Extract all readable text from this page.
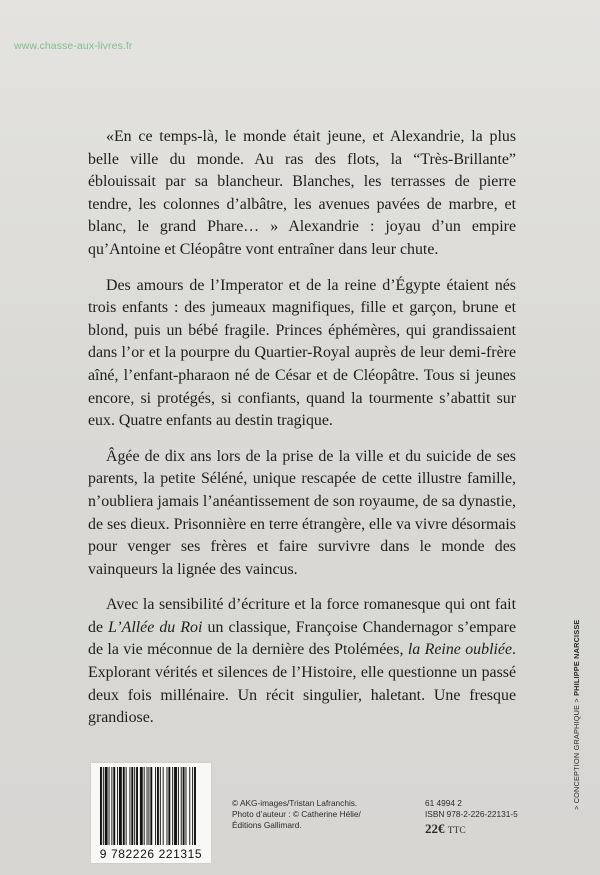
www.chasse-aux-livres.fr

«En ce temps-là, le monde était jeune, et Alexandrie, la plus belle ville du monde. Au ras des flots, la “Très-Brillante” éblouissait par sa blancheur. Blanches, les terrasses de pierre tendre, les colonnes d’albâtre, les avenues pavées de marbre, et blanc, le grand Phare… » Alexandrie : joyau d’un empire qu’Antoine et Cléopâtre vont entraîner dans leur chute.

Des amours de l’Imperator et de la reine d’Égypte étaient nés trois enfants : des jumeaux magnifiques, fille et garçon, brune et blond, puis un bébé fragile. Princes éphémères, qui grandissaient dans l’or et la pourpre du Quartier-Royal auprès de leur demi-frère aîné, l’enfant-pharaon né de César et de Cléopâtre. Tous si jeunes encore, si protégés, si confiants, quand la tourmente s’abattit sur eux. Quatre enfants au destin tragique.

Âgée de dix ans lors de la prise de la ville et du suicide de ses parents, la petite Séléné, unique rescapée de cette illustre famille, n’oubliera jamais l’anéantissement de son royaume, de sa dynastie, de ses dieux. Prisonnière en terre étrangère, elle va vivre désormais pour venger ses frères et faire survivre dans le monde des vainqueurs la lignée des vaincus.

Avec la sensibilité d’écriture et la force romanesque qui ont fait de L’Allée du Roi un classique, Françoise Chandernagor s’empare de la vie méconnue de la dernière des Ptolémées, la Reine oubliée. Explorant vérités et silences de l’Histoire, elle questionne un passé deux fois millénaire. Un récit singulier, haletant. Une fresque grandiose.

9 782226 221315
© AKG-images/Tristan Lafranchis.
Photo d’auteur : © Catherine Hélie/
Éditions Gallimard.
61 4994 2
ISBN 978-2-226-22131-5
22€ TTC
> CONCEPTION GRAPHIQUE > PHILIPPE NARCISSE
